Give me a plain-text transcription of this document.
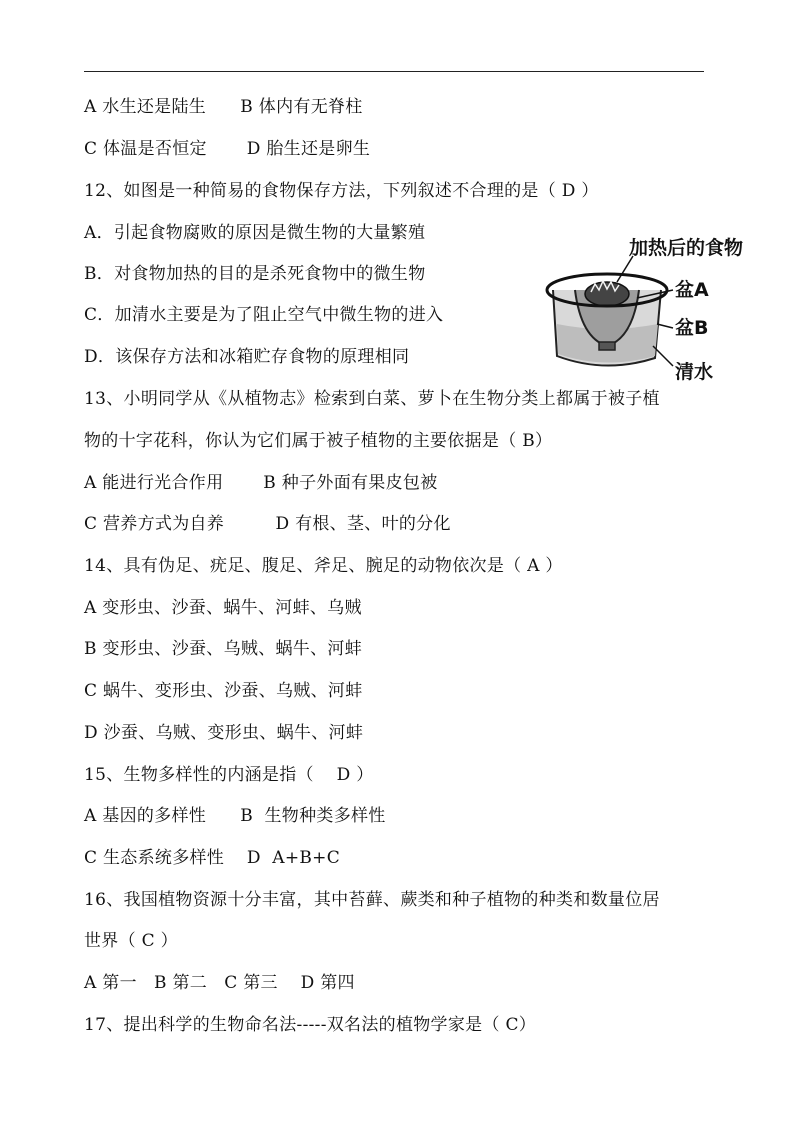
A 水生还是陆生      B 体内有无脊柱
C 体温是否恒定       D 胎生还是卵生
12、如图是一种简易的食物保存方法，下列叙述不合理的是（ D ）
A．引起食物腐败的原因是微生物的大量繁殖
B．对食物加热的目的是杀死食物中的微生物
C．加清水主要是为了阻止空气中微生物的进入
D．该保存方法和冰箱贮存食物的原理相同
13、小明同学从《从植物志》检索到白菜、萝卜在生物分类上都属于被子植
物的十字花科，你认为它们属于被子植物的主要依据是（ B）
A 能进行光合作用       B 种子外面有果皮包被
C 营养方式为自养         D 有根、茎、叶的分化
14、具有伪足、疣足、腹足、斧足、腕足的动物依次是（ A ）
A 变形虫、沙蚕、蜗牛、河蚌、乌贼
B 变形虫、沙蚕、乌贼、蜗牛、河蚌
C 蜗牛、变形虫、沙蚕、乌贼、河蚌
D 沙蚕、乌贼、变形虫、蜗牛、河蚌
15、生物多样性的内涵是指（    D ）
A 基因的多样性      B  生物种类多样性
C 生态系统多样性    D  A+B+C
16、我国植物资源十分丰富，其中苔藓、蕨类和种子植物的种类和数量位居
世界（ C ）
A 第一   B 第二   C 第三    D 第四
17、提出科学的生物命名法-----双名法的植物学家是（ C）
加热后的食物
盆A
盆B
清水
